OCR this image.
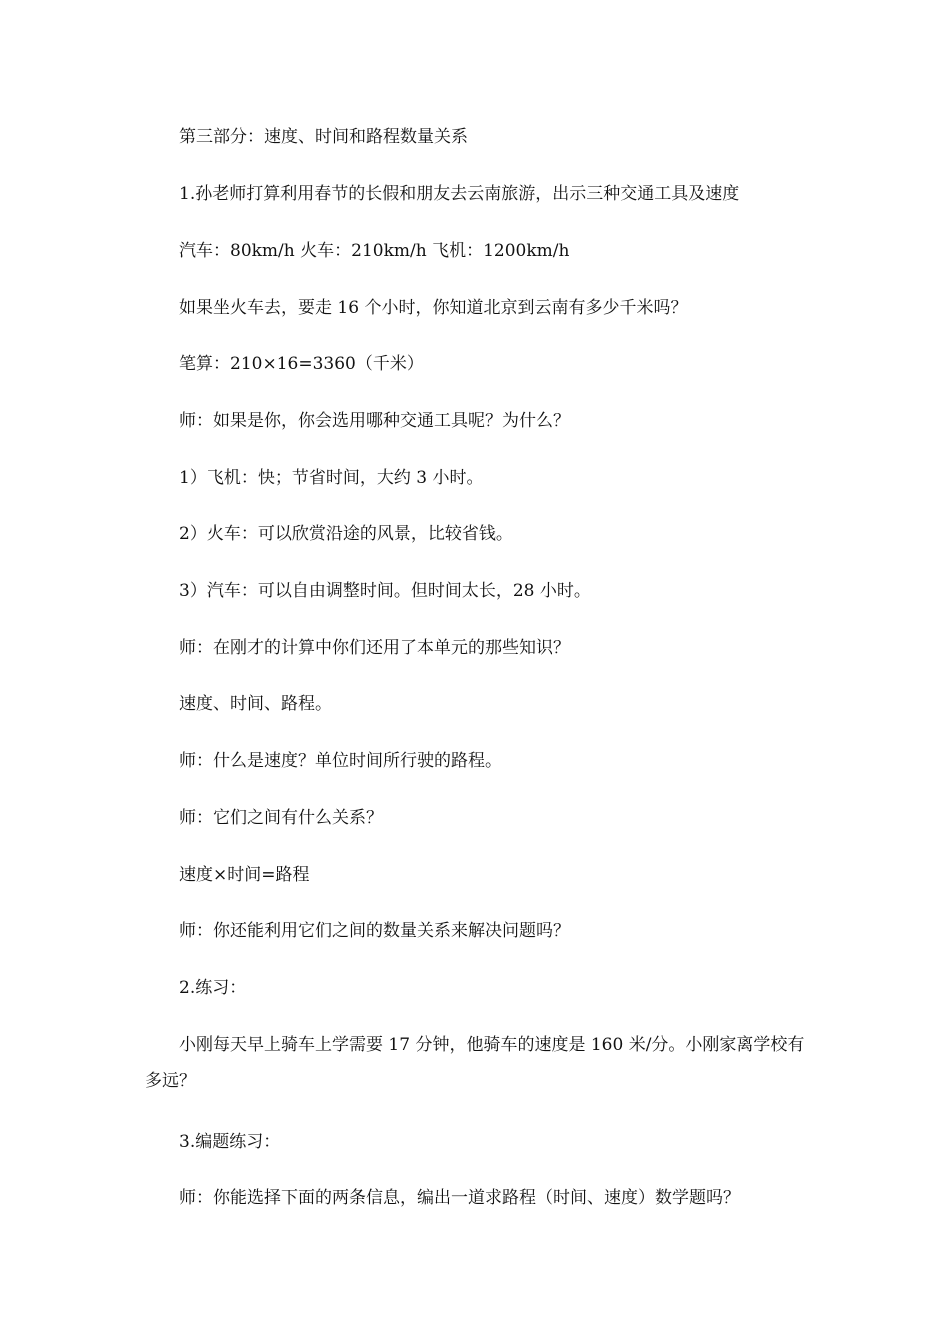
第三部分：速度、时间和路程数量关系

1.孙老师打算利用春节的长假和朋友去云南旅游，出示三种交通工具及速度

汽车：80km/h 火车：210km/h 飞机：1200km/h

如果坐火车去，要走 16 个小时，你知道北京到云南有多少千米吗？

笔算：210×16=3360（千米）

师：如果是你，你会选用哪种交通工具呢？为什么？

1）飞机：快；节省时间，大约 3 小时。

2）火车：可以欣赏沿途的风景，比较省钱。

3）汽车：可以自由调整时间。但时间太长，28 小时。

师：在刚才的计算中你们还用了本单元的那些知识？

速度、时间、路程。

师：什么是速度？单位时间所行驶的路程。

师：它们之间有什么关系？

速度×时间=路程

师：你还能利用它们之间的数量关系来解决问题吗？

2.练习：

小刚每天早上骑车上学需要 17 分钟，他骑车的速度是 160 米/分。小刚家离学校有多远？

3.编题练习：

师：你能选择下面的两条信息，编出一道求路程（时间、速度）数学题吗？
